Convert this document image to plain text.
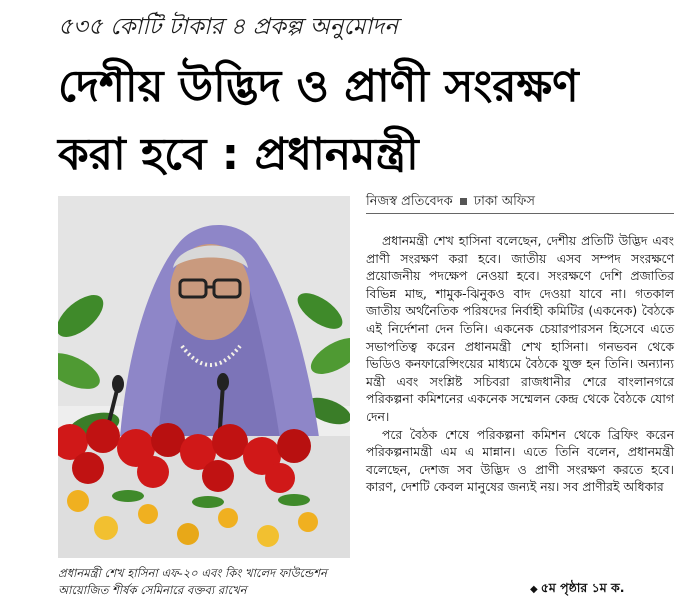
৫৩৫ কোটি টাকার ৪ প্রকল্প অনুমোদন
দেশীয় উদ্ভিদ ও প্রাণী সংরক্ষণ
করা হবে : প্রধানমন্ত্রী
প্রধানমন্ত্রী শেখ হাসিনা এফ-২০ এবং কিং খালেদ ফাউন্ডেশন আয়োজিত শীর্ষক সেমিনারে বক্তব্য রাখেন
নিজস্ব প্রতিবেদক ঢাকা অফিস

প্রধানমন্ত্রী শেখ হাসিনা বলেছেন, দেশীয় প্রতিটি উদ্ভিদ এবং প্রাণী সংরক্ষণ করা হবে। জাতীয় এসব সম্পদ সংরক্ষণে প্রয়োজনীয় পদক্ষেপ নেওয়া হবে। সংরক্ষণে দেশি প্রজাতির বিভিন্ন মাছ, শামুক-ঝিনুকও বাদ দেওয়া যাবে না। গতকাল জাতীয় অর্থনৈতিক পরিষদের নির্বাহী কমিটির (একনেক) বৈঠকে এই নির্দেশনা দেন তিনি। একনেক চেয়ারপারসন হিসেবে এতে সভাপতিত্ব করেন প্রধানমন্ত্রী শেখ হাসিনা। গনভবন থেকে ভিডিও কনফারেন্সিংয়ের মাধ্যমে বৈঠকে যুক্ত হন তিনি। অন্যান্য মন্ত্রী এবং সংশ্লিষ্ট সচিবরা রাজধানীর শেরে বাংলানগরে পরিকল্পনা কমিশনের একনেক সম্মেলন কেন্দ্র থেকে বৈঠকে যোগ দেন।

পরে বৈঠক শেষে পরিকল্পনা কমিশন থেকে ব্রিফিং করেন পরিকল্পনামন্ত্রী এম এ মান্নান। এতে তিনি বলেন, প্রধানমন্ত্রী বলেছেন, দেশজ সব উদ্ভিদ ও প্রাণী সংরক্ষণ করতে হবে। কারণ, দেশটি কেবল মানুষের জন্যই নয়। সব প্রাণীরই অধিকার

◆ ৫ম পৃষ্ঠার ১ম ক.
